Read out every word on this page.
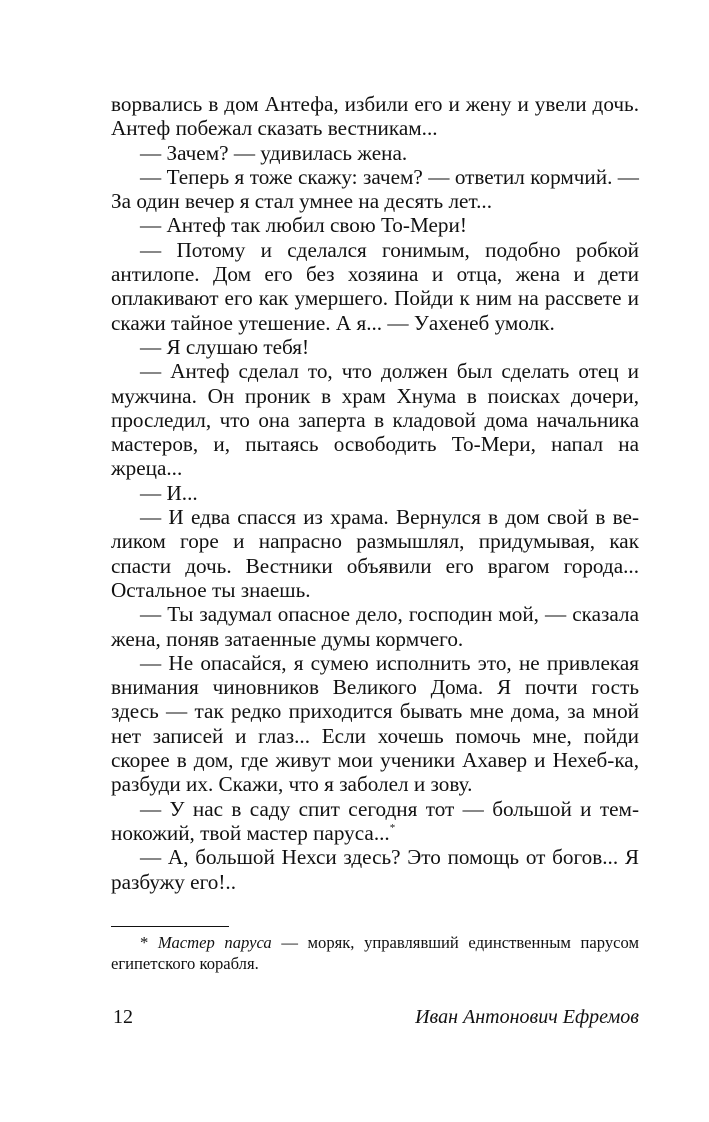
ворвались в дом Антефа, избили его и жену и увели дочь. Антеф побежал сказать вестникам...

— Зачем? — удивилась жена.

— Теперь я тоже скажу: зачем? — ответил кормчий. — За один вечер я стал умнее на десять лет...

— Антеф так любил свою То-Мери!

— Потому и сделался гонимым, подобно робкой антилопе. Дом его без хозяина и отца, жена и дети оплакивают его как умершего. Пойди к ним на рассвете и скажи тайное утешение. А я... — Уахенеб умолк.

— Я слушаю тебя!

— Антеф сделал то, что должен был сделать отец и мужчина. Он проник в храм Хнума в поисках дочери, проследил, что она заперта в кладовой дома начальника мастеров, и, пытаясь освободить То-Мери, напал на жреца...

— И...

— И едва спасся из храма. Вернулся в дом свой в великом горе и напрасно размышлял, придумывая, как спасти дочь. Вестники объявили его врагом города... Остальное ты знаешь.

— Ты задумал опасное дело, господин мой, — сказала жена, поняв затаенные думы кормчего.

— Не опасайся, я сумею исполнить это, не привлекая внимания чиновников Великого Дома. Я почти гость здесь — так редко приходится бывать мне дома, за мной нет записей и глаз... Если хочешь помочь мне, пойди скорее в дом, где живут мои ученики Ахавер и Нехеб-ка, разбуди их. Скажи, что я заболел и зову.

— У нас в саду спит сегодня тот — большой и темнокожий, твой мастер паруса...*

— А, большой Нехси здесь? Это помощь от богов... Я разбужу его!..

* Мастер паруса — моряк, управлявший единственным парусом египетского корабля.

12	Иван Антонович Ефремов
